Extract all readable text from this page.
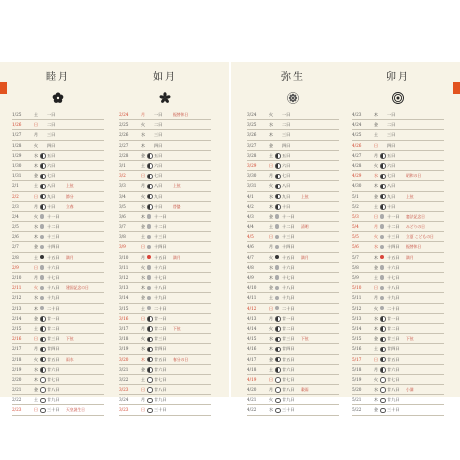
睦月
1/25	土	一曰
1/26	日	二曰
1/27	月	三曰
1/28	火	四曰
1/29	水	五曰
1/30	木	六曰
1/31	金	七曰
2/1	土	八曰	上弦
2/2	日	九曰	節分
2/3	月	十曰	立春
2/4	火	十一曰
2/5	水	十二曰
2/6	木	十三曰
2/7	金	十四曰
2/8	土	十五曰 満月
2/9	日	十六曰
2/10	月	十七曰
2/11	火	十八曰 建国記念の日
2/12	水	十九曰
2/13	木	二十曰
2/14	金	廿一曰
2/15	土	廿二曰
2/16	日	廿三曰 下弦
2/17	月	廿四曰
2/18	火	廿五曰 雨水
2/19	水	廿六曰
2/20	木	廿七曰
2/21	金	廿八曰
2/22	土	廿九曰
2/23	日	三十曰 天皇誕生日
如月
2/24	月	一曰	振替休日
2/25	火	二曰
2/26	水	三曰
2/27	木	四曰
2/28	金	五曰
3/1	土	六曰
3/2	日	七曰
3/3	月	八曰	上弦
3/4	火	九曰
3/5	水	十曰	啓蟄
3/6	木	十一曰
3/7	金	十二曰
3/8	土	十三曰
3/9	日	十四曰
3/10	月	十五曰 満月
3/11	火	十六曰
3/12	水	十七曰
3/13	木	十八曰
3/14	金	十九曰
3/15	土	二十曰
3/16	日	廿一曰
3/17	月	廿二曰 下弦
3/18	火	廿三曰
3/19	水	廿四曰
3/20	木	廿五曰 春分の日
3/21	金	廿六曰
3/22	土	廿七曰
3/23	日	廿八曰
3/24	月	廿九曰
3/23	日	三十曰
弥生
3/24	火	一曰
3/25	水	二曰
3/26	木	三曰
3/27	金	四曰
3/28	土	五曰
3/29	日	六曰
3/30	月	七曰
3/31	火	八曰
4/1	水	九曰	上弦
4/2	木	十曰
4/3	金	十一曰
4/4	土	十二曰 清明
4/5	日	十三曰
4/6	月	十四曰
4/7	火	十五曰 満月
4/8	水	十六曰
4/9	木	十七曰
4/10	金	十八曰
4/11	土	十九曰
4/12	日	二十曰
4/13	月	廿一曰
4/14	火	廿二曰
4/15	水	廿三曰 下弦
4/16	木	廿四曰
4/17	金	廿五曰
4/18	土	廿六曰
4/19	日	廿七曰
4/20	月	廿八曰 穀雨
4/21	火	廿九曰
4/22	水	三十曰
卯月
4/23	木	一曰
4/24	金	二曰
4/25	土	三曰
4/26	日	四曰
4/27	月	五曰
4/28	火	六曰
4/29	水	七曰	昭和の日
4/30	木	八曰
5/1	金	九曰	上弦
5/2	土	十曰
5/3	日	十一曰 憲法記念日
5/4	月	十二曰 みどりの日
5/5	火	十三曰 立夏 こどもの日
5/6	水	十四曰 振替休日
5/7	木	十五曰 満月
5/8	金	十六曰
5/9	土	十七曰
5/10	日	十八曰
5/11	月	十九曰
5/12	火	二十曰
5/13	水	廿一曰
5/14	木	廿二曰
5/15	金	廿三曰 下弦
5/16	土	廿四曰
5/17	日	廿五曰
5/18	月	廿六曰
5/19	火	廿七曰
5/20	水	廿八曰 小満
5/21	木	廿九曰
5/22	金	三十曰
